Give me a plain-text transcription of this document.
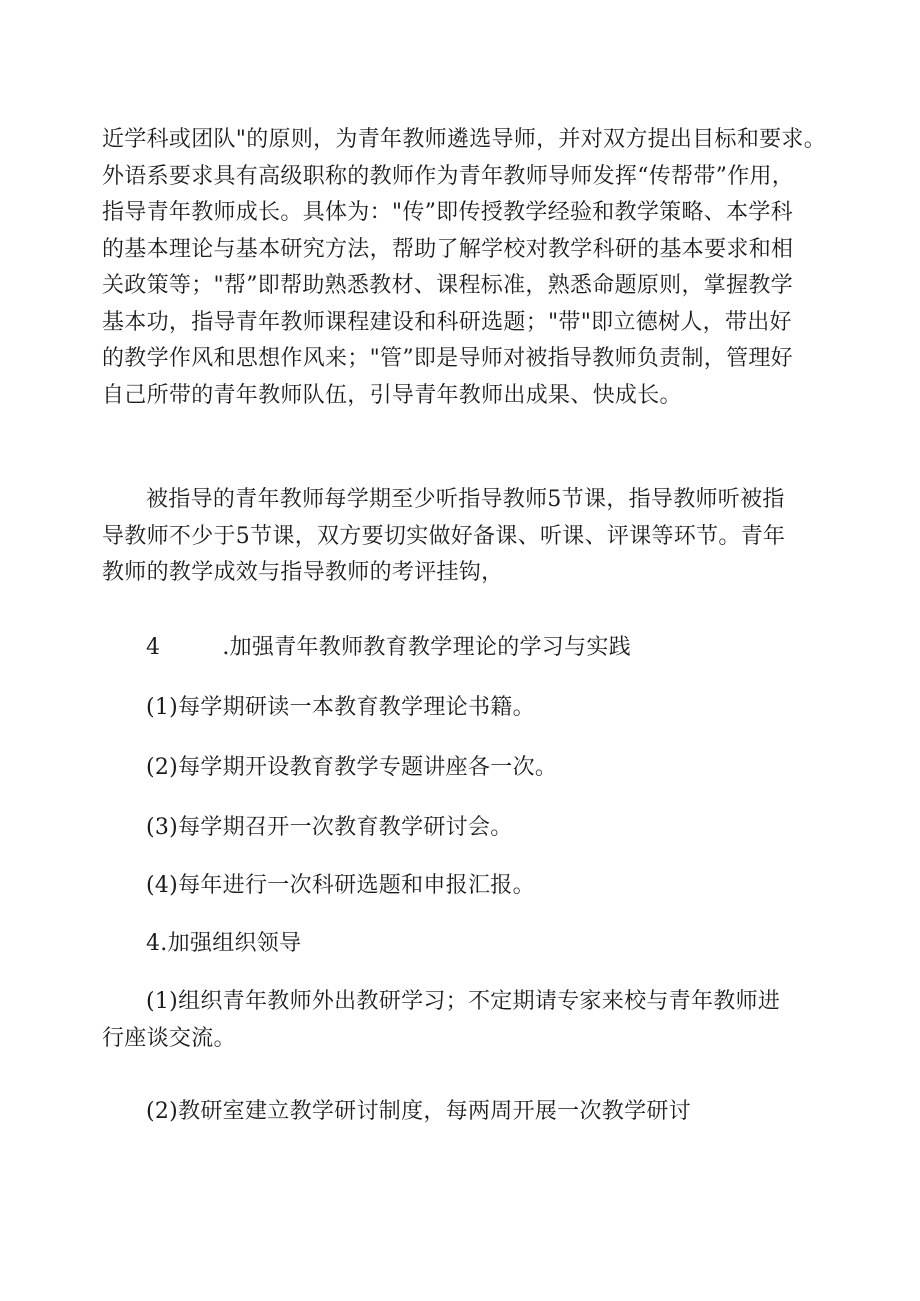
近学科或团队"的原则，为青年教师遴选导师，并对双方提出目标和要求。
外语系要求具有高级职称的教师作为青年教师导师发挥“传帮带”作用，
指导青年教师成长。具体为："传”即传授教学经验和教学策略、本学科
的基本理论与基本研究方法，帮助了解学校对教学科研的基本要求和相
关政策等；"帮”即帮助熟悉教材、课程标准，熟悉命题原则，掌握教学
基本功，指导青年教师课程建设和科研选题；"带"即立德树人，带出好
的教学作风和思想作风来；"管”即是导师对被指导教师负责制，管理好
自己所带的青年教师队伍，引导青年教师出成果、快成长。
被指导的青年教师每学期至少听指导教师5节课，指导教师听被指
导教师不少于5节课，双方要切实做好备课、听课、评课等环节。青年
教师的教学成效与指导教师的考评挂钩，

4	.加强青年教师教育教学理论的学习与实践

(1)每学期研读一本教育教学理论书籍。

(2)每学期开设教育教学专题讲座各一次。

(3)每学期召开一次教育教学研讨会。

(4)每年进行一次科研选题和申报汇报。

4.加强组织领导

(1)组织青年教师外出教研学习；不定期请专家来校与青年教师进
行座谈交流。

(2)教研室建立教学研讨制度，每两周开展一次教学研讨
